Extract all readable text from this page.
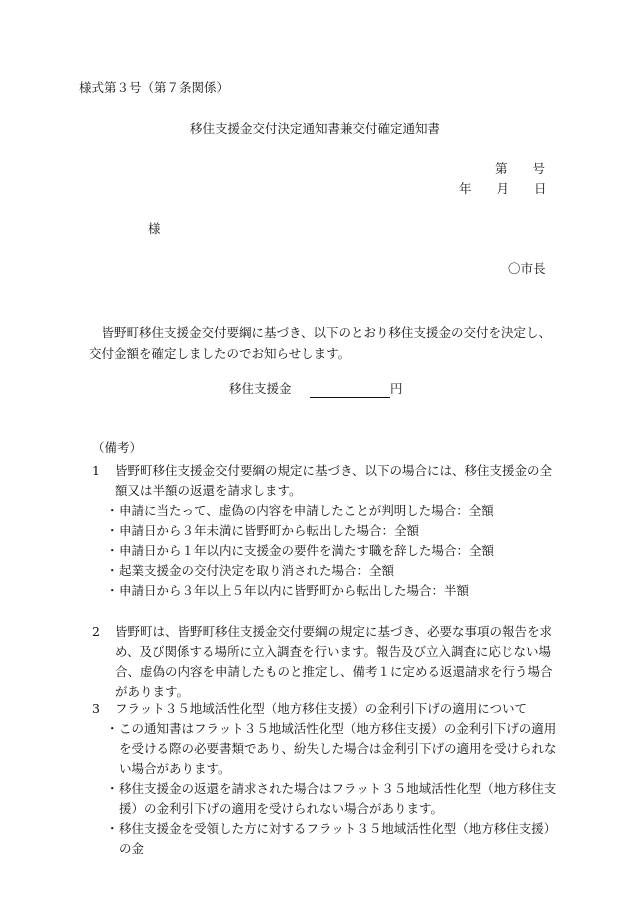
様式第３号（第７条関係）
移住支援金交付決定通知書兼交付確定通知書
第　　号
年　　月　　日
様
〇市長

皆野町移住支援金交付要綱に基づき、以下のとおり移住支援金の交付を決定し、交付金額を確定しましたのでお知らせします。

移住支援金	円
（備考）
1 皆野町移住支援金交付要綱の規定に基づき、以下の場合には、移住支援金の全額又は半額の返還を請求します。
・ 申請に当たって、虚偽の内容を申請したことが判明した場合：全額
・ 申請日から３年未満に皆野町から転出した場合：全額
・ 申請日から１年以内に支援金の要件を満たす職を辞した場合：全額
・ 起業支援金の交付決定を取り消された場合：全額
・ 申請日から３年以上５年以内に皆野町から転出した場合：半額
2 皆野町は、皆野町移住支援金交付要綱の規定に基づき、必要な事項の報告を求め、及び関係する場所に立入調査を行います。報告及び立入調査に応じない場合、虚偽の内容を申請したものと推定し、備考１に定める返還請求を行う場合があります。
3 フラット３５地域活性化型（地方移住支援）の金利引下げの適用について
・ この通知書はフラット３５地域活性化型（地方移住支援）の金利引下げの適用を受ける際の必要書類であり、紛失した場合は金利引下げの適用を受けられない場合があります。
・ 移住支援金の返還を請求された場合はフラット３５地域活性化型（地方移住支援）の金利引下げの適用を受けられない場合があります。
・ 移住支援金を受領した方に対するフラット３５地域活性化型（地方移住支援）の金
